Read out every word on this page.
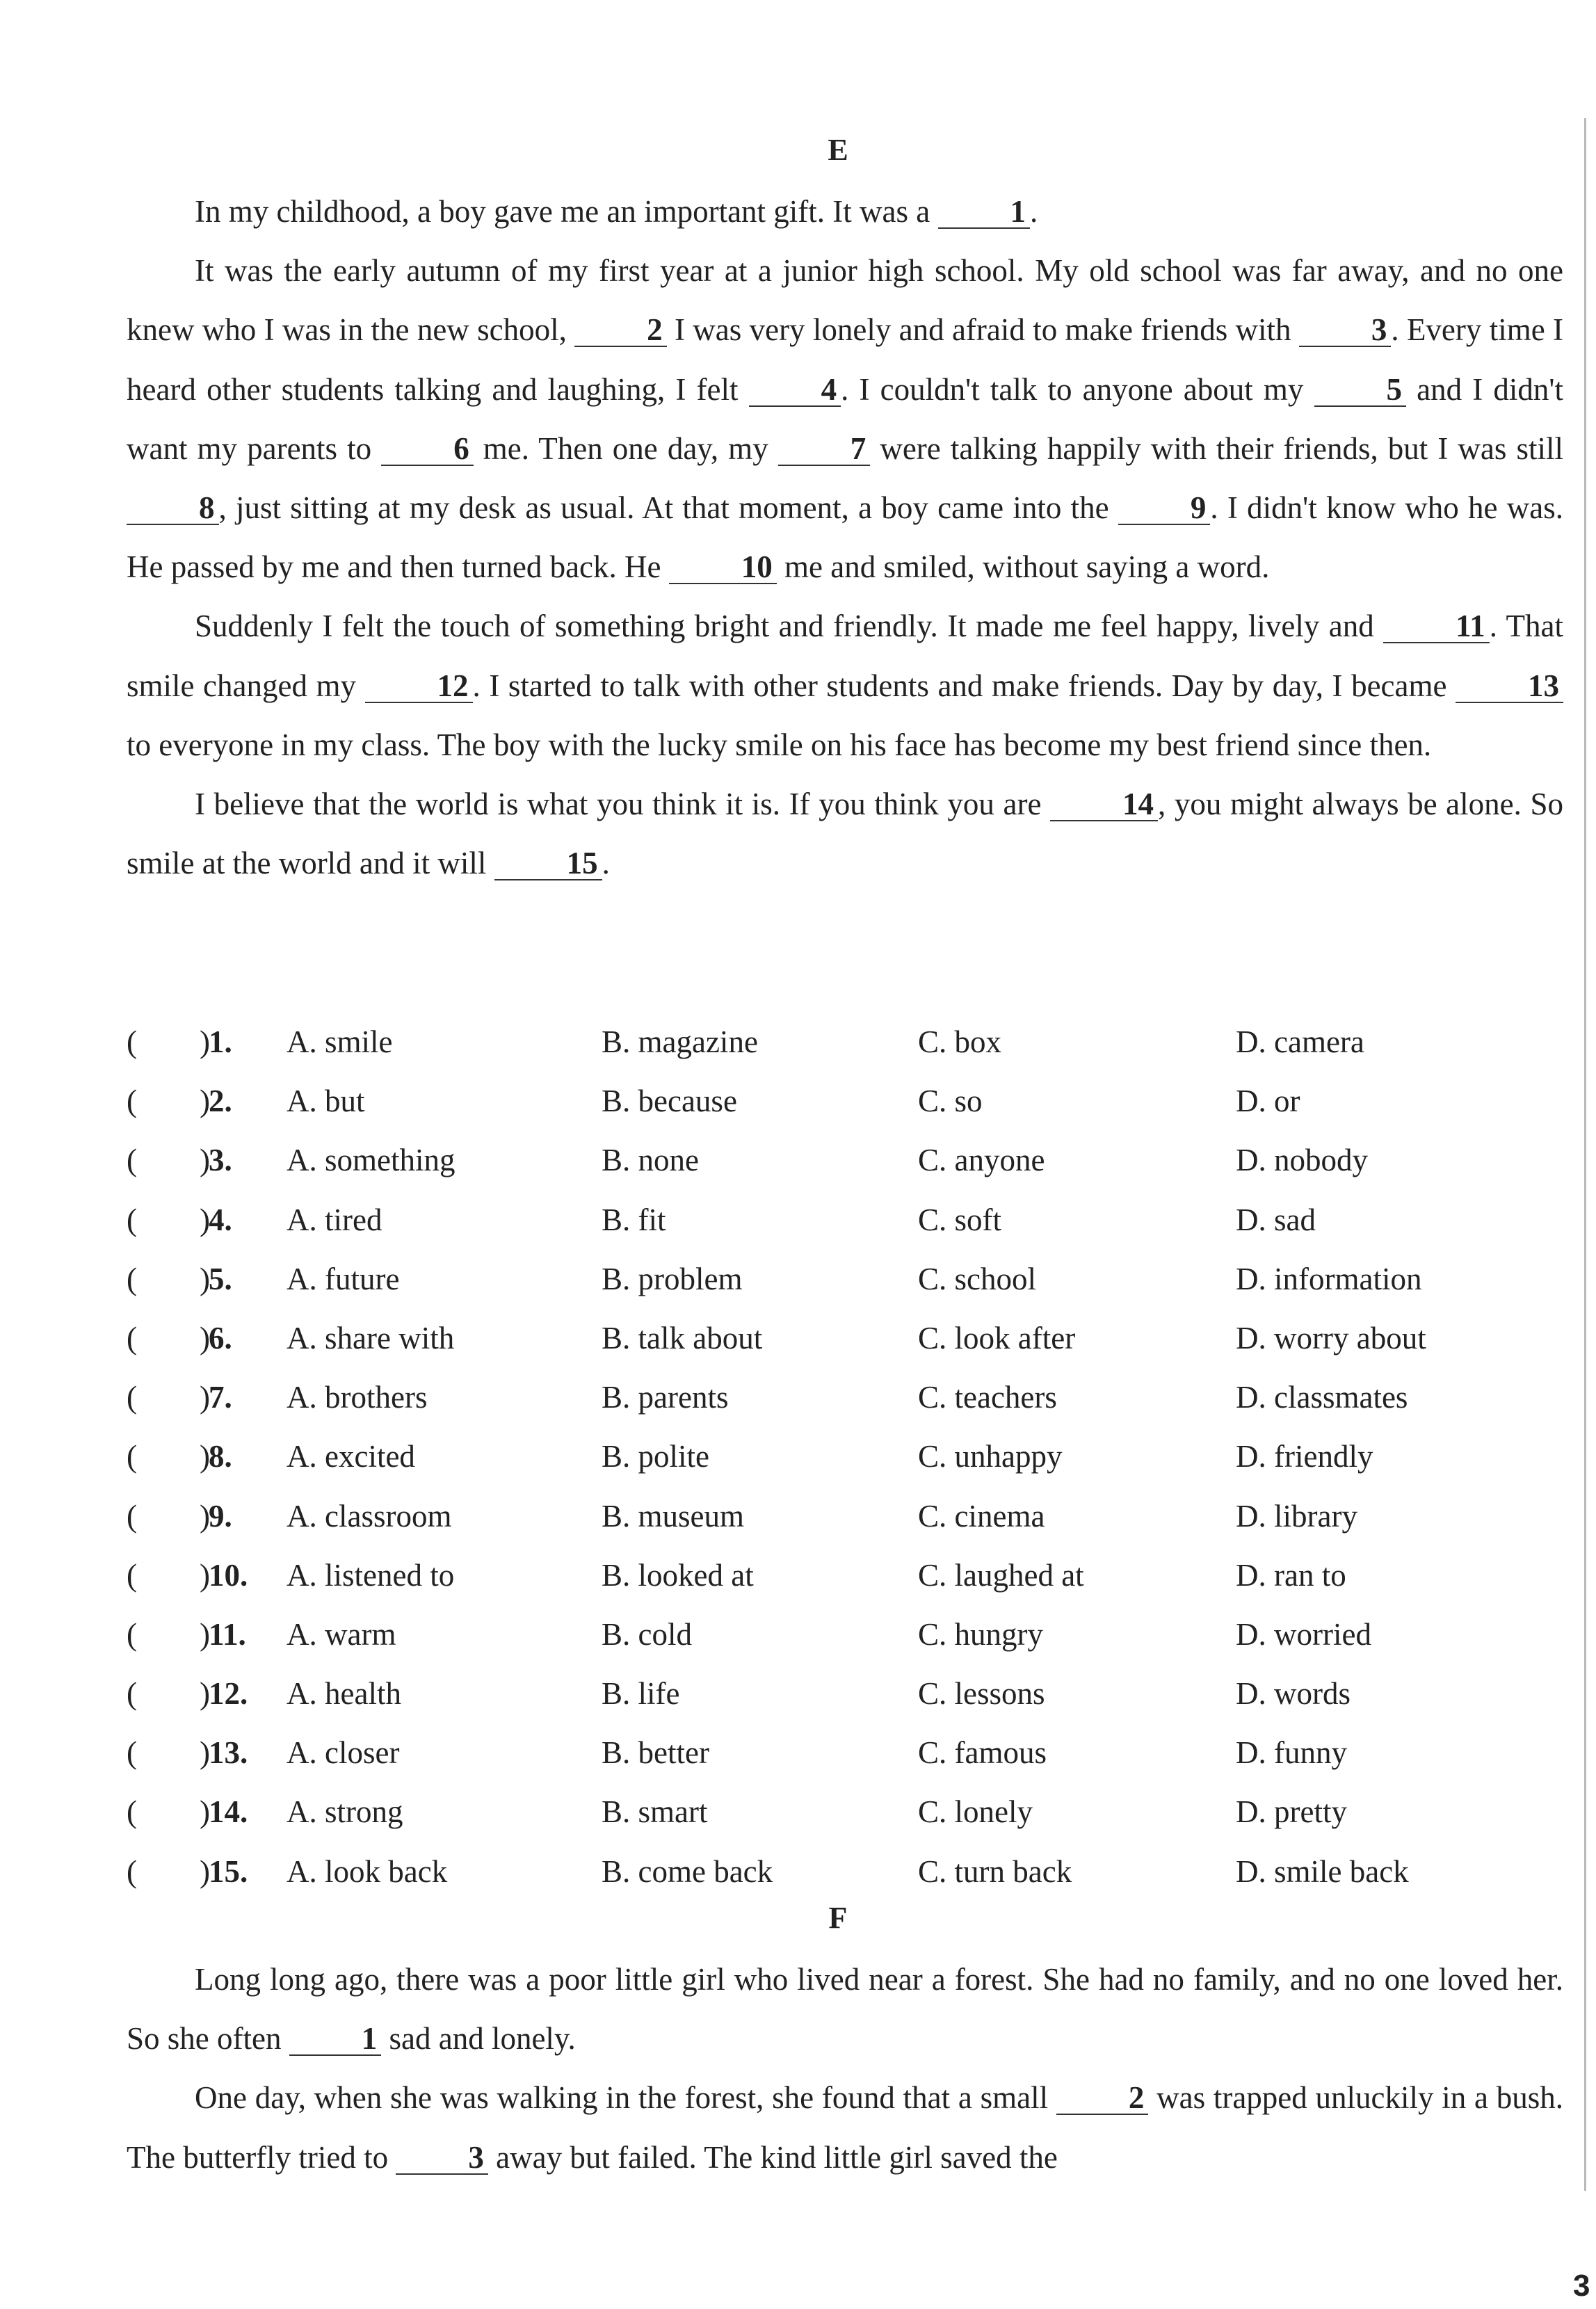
E

In my childhood, a boy gave me an important gift. It was a 1 .

It was the early autumn of my first year at a junior high school. My old school was far away, and no one knew who I was in the new school, 2 I was very lonely and afraid to make friends with 3 . Every time I heard other students talking and laughing, I felt 4 . I couldn't talk to anyone about my 5 and I didn't want my parents to 6 me. Then one day, my 7 were talking happily with their friends, but I was still 8 , just sitting at my desk as usual. At that moment, a boy came into the 9 . I didn't know who he was. He passed by me and then turned back. He 10 me and smiled, without saying a word.

Suddenly I felt the touch of something bright and friendly. It made me feel happy, lively and 11 . That smile changed my 12 . I started to talk with other students and make friends. Day by day, I became 13 to everyone in my class. The boy with the lucky smile on his face has become my best friend since then.

I believe that the world is what you think it is. If you think you are 14 , you might always be alone. So smile at the world and it will 15 .

(　　)
1. A. smile	B. magazine	C. box	D. camera
(　　)
2. A. but	B. because	C. so	D. or
(　　)
3. A. something	B. none	C. anyone	D. nobody
(　　)
4. A. tired	B. fit	C. soft	D. sad
(　　)
5. A. future	B. problem	C. school	D. information
(　　)
6. A. share with	B. talk about	C. look after	D. worry about
(　　)
7. A. brothers	B. parents	C. teachers	D. classmates
(　　)
8. A. excited	B. polite	C. unhappy	D. friendly
(　　)
9. A. classroom	B. museum	C. cinema	D. library
(　　)
10. A. listened to	B. looked at	C. laughed at	D. ran to
(　　)
11. A. warm	B. cold	C. hungry	D. worried
(　　)
12. A. health	B. life	C. lessons	D. words
(　　)
13. A. closer	B. better	C. famous	D. funny
(　　)
14. A. strong	B. smart	C. lonely	D. pretty
(　　)
15. A. look back	B. come back	C. turn back	D. smile back
F

Long long ago, there was a poor little girl who lived near a forest. She had no family, and no one loved her. So she often 1 sad and lonely.

One day, when she was walking in the forest, she found that a small 2 was trapped unluckily in a bush. The butterfly tried to 3 away but failed. The kind little girl saved the

3
